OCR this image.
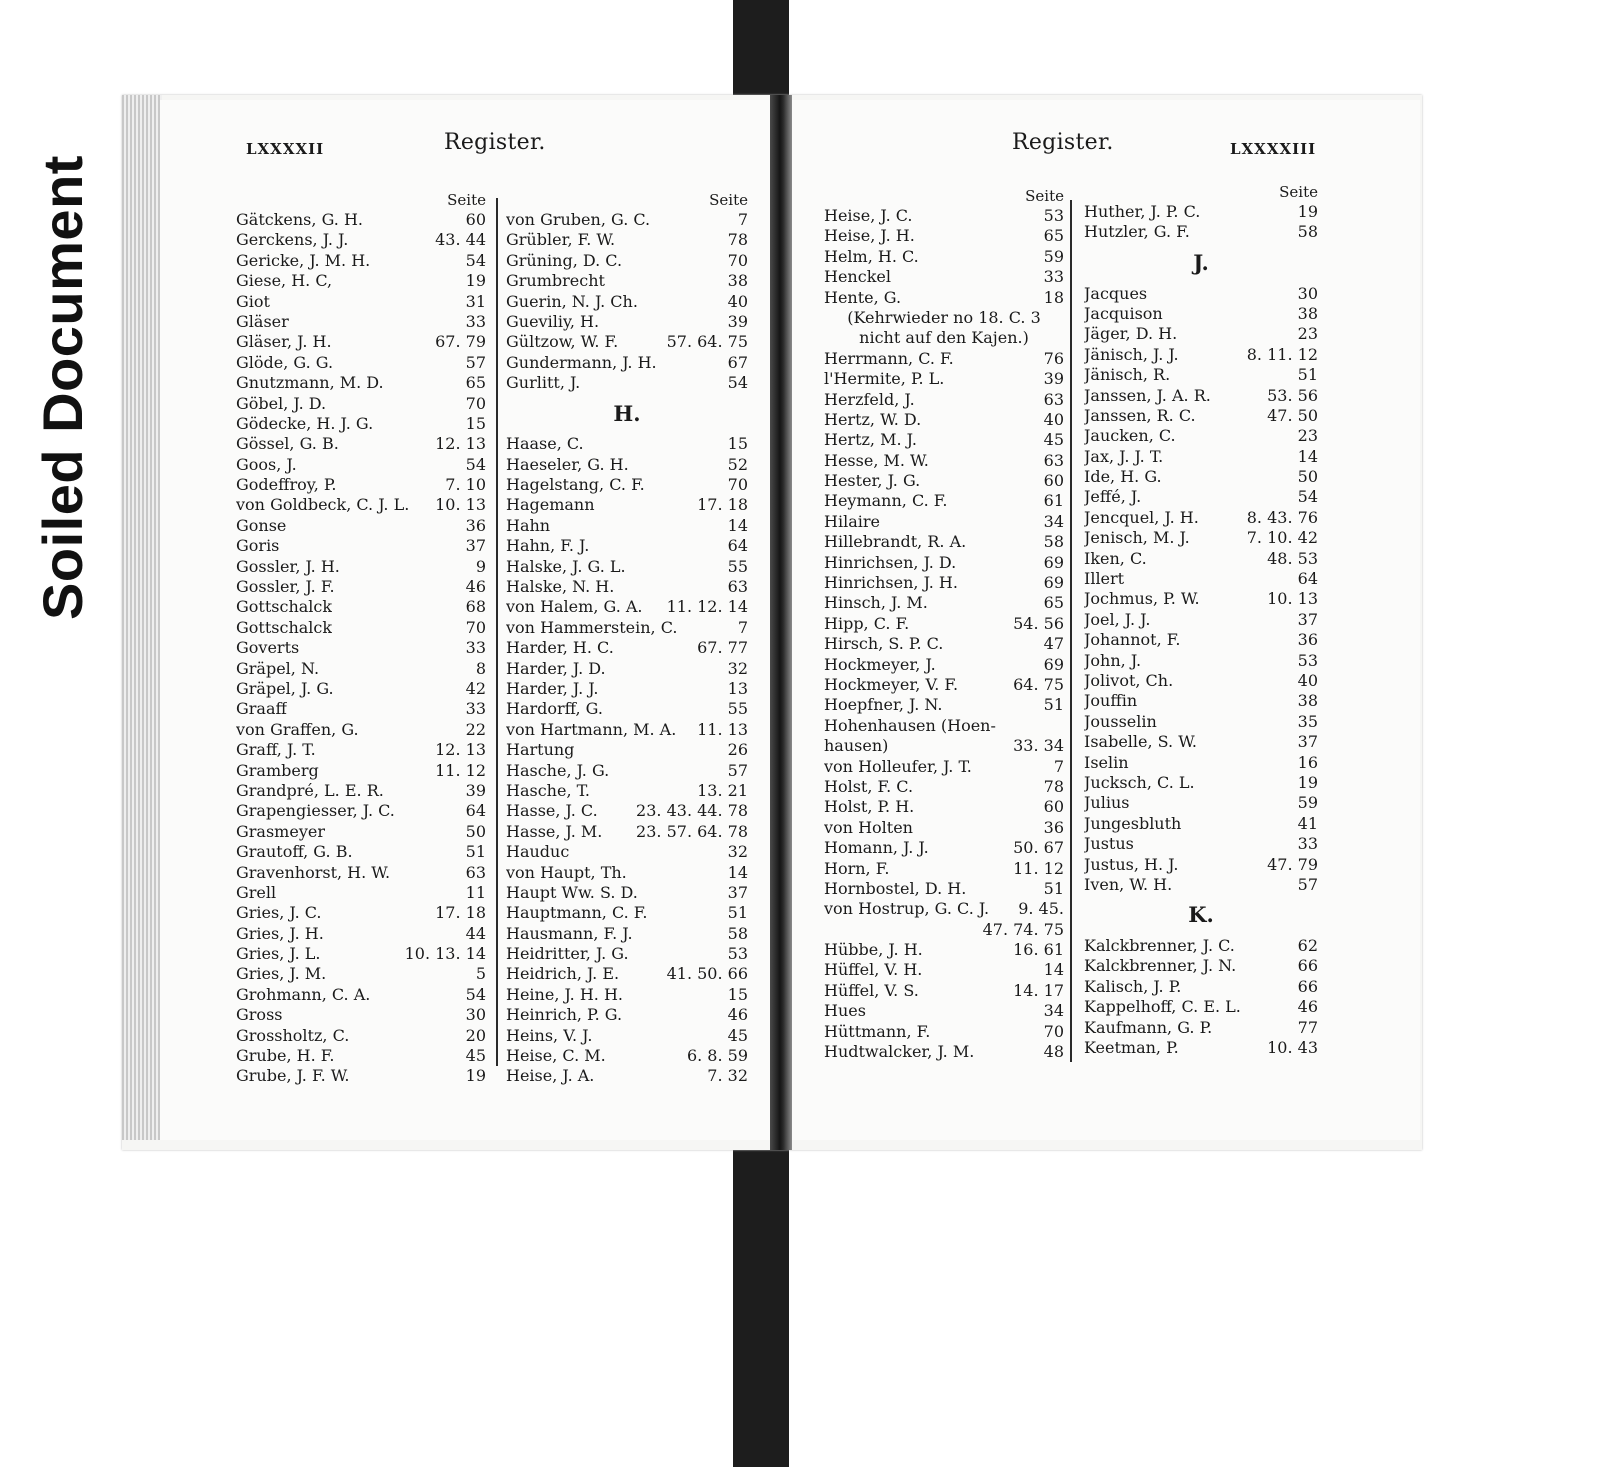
Soiled Document
LXXXXII	Register.	Register.	LXXXXIII
Seite
Gätckens, G. H.	60
Gerckens, J. J.	43. 44
Gericke, J. M. H.	54
Giese, H. C,	19
Giot	31
Gläser	33
Gläser, J. H.	67. 79
Glöde, G. G.	57
Gnutzmann, M. D.	65
Göbel, J. D.	70
Gödecke, H. J. G.	15
Gössel, G. B.	12. 13
Goos, J.	54
Godeffroy, P.	7. 10
von Goldbeck, C. J. L.	10. 13
Gonse	36
Goris	37
Gossler, J. H.	9
Gossler, J. F.	46
Gottschalck	68
Gottschalck	70
Goverts	33
Gräpel, N.	8
Gräpel, J. G.	42
Graaff	33
von Graffen, G.	22
Graff, J. T.	12. 13
Gramberg	11. 12
Grandpré, L. E. R.	39
Grapengiesser, J. C.	64
Grasmeyer	50
Grautoff, G. B.	51
Gravenhorst, H. W.	63
Grell	11
Gries, J. C.	17. 18
Gries, J. H.	44
Gries, J. L.	10. 13. 14
Gries, J. M.	5
Grohmann, C. A.	54
Gross	30
Grossholtz, C.	20
Grube, H. F.	45
Grube, J. F. W.	19
Seite
von Gruben, G. C.	7
Grübler, F. W.	78
Grüning, D. C.	70
Grumbrecht	38
Guerin, N. J. Ch.	40
Gueviliy, H.	39
Gültzow, W. F.	57. 64. 75
Gundermann, J. H.	67
Gurlitt, J.	54
H.
Haase, C.	15
Haeseler, G. H.	52
Hagelstang, C. F.	70
Hagemann	17. 18
Hahn	14
Hahn, F. J.	64
Halske, J. G. L.	55
Halske, N. H.	63
von Halem, G. A.	11. 12. 14
von Hammerstein, C.	7
Harder, H. C.	67. 77
Harder, J. D.	32
Harder, J. J.	13
Hardorff, G.	55
von Hartmann, M. A.	11. 13
Hartung	26
Hasche, J. G.	57
Hasche, T.	13. 21
Hasse, J. C.	23. 43. 44. 78
Hasse, J. M.	23. 57. 64. 78
Hauduc	32
von Haupt, Th.	14
Haupt Ww. S. D.	37
Hauptmann, C. F.	51
Hausmann, F. J.	58
Heidritter, J. G.	53
Heidrich, J. E.	41. 50. 66
Heine, J. H. H.	15
Heinrich, P. G.	46
Heins, V. J.	45
Heise, C. M.	6. 8. 59
Heise, J. A.	7. 32
Seite
Heise, J. C.	53
Heise, J. H.	65
Helm, H. C.	59
Henckel	33
Hente, G.	18
(Kehrwieder no 18. C. 3
nicht auf den Kajen.)
Herrmann, C. F.	76
l'Hermite, P. L.	39
Herzfeld, J.	63
Hertz, W. D.	40
Hertz, M. J.	45
Hesse, M. W.	63
Hester, J. G.	60
Heymann, C. F.	61
Hilaire	34
Hillebrandt, R. A.	58
Hinrichsen, J. D.	69
Hinrichsen, J. H.	69
Hinsch, J. M.	65
Hipp, C. F.	54. 56
Hirsch, S. P. C.	47
Hockmeyer, J.	69
Hockmeyer, V. F.	64. 75
Hoepfner, J. N.	51
Hohenhausen (Hoen-
hausen)	33. 34
von Holleufer, J. T.	7
Holst, F. C.	78
Holst, P. H.	60
von Holten	36
Homann, J. J.	50. 67
Horn, F.	11. 12
Hornbostel, D. H.	51
von Hostrup, G. C. J.	9. 45.
47. 74. 75
Hübbe, J. H.	16. 61
Hüffel, V. H.	14
Hüffel, V. S.	14. 17
Hues	34
Hüttmann, F.	70
Hudtwalcker, J. M.	48
Seite
Huther, J. P. C.	19
Hutzler, G. F.	58
J.
Jacques	30
Jacquison	38
Jäger, D. H.	23
Jänisch, J. J.	8. 11. 12
Jänisch, R.	51
Janssen, J. A. R.	53. 56
Janssen, R. C.	47. 50
Jaucken, C.	23
Jax, J. J. T.	14
Ide, H. G.	50
Jeffé, J.	54
Jencquel, J. H.	8. 43. 76
Jenisch, M. J.	7. 10. 42
Iken, C.	48. 53
Illert	64
Jochmus, P. W.	10. 13
Joel, J. J.	37
Johannot, F.	36
John, J.	53
Jolivot, Ch.	40
Jouffin	38
Jousselin	35
Isabelle, S. W.	37
Iselin	16
Jucksch, C. L.	19
Julius	59
Jungesbluth	41
Justus	33
Justus, H. J.	47. 79
Iven, W. H.	57
K.
Kalckbrenner, J. C.	62
Kalckbrenner, J. N.	66
Kalisch, J. P.	66
Kappelhoff, C. E. L.	46
Kaufmann, G. P.	77
Keetman, P.	10. 43
